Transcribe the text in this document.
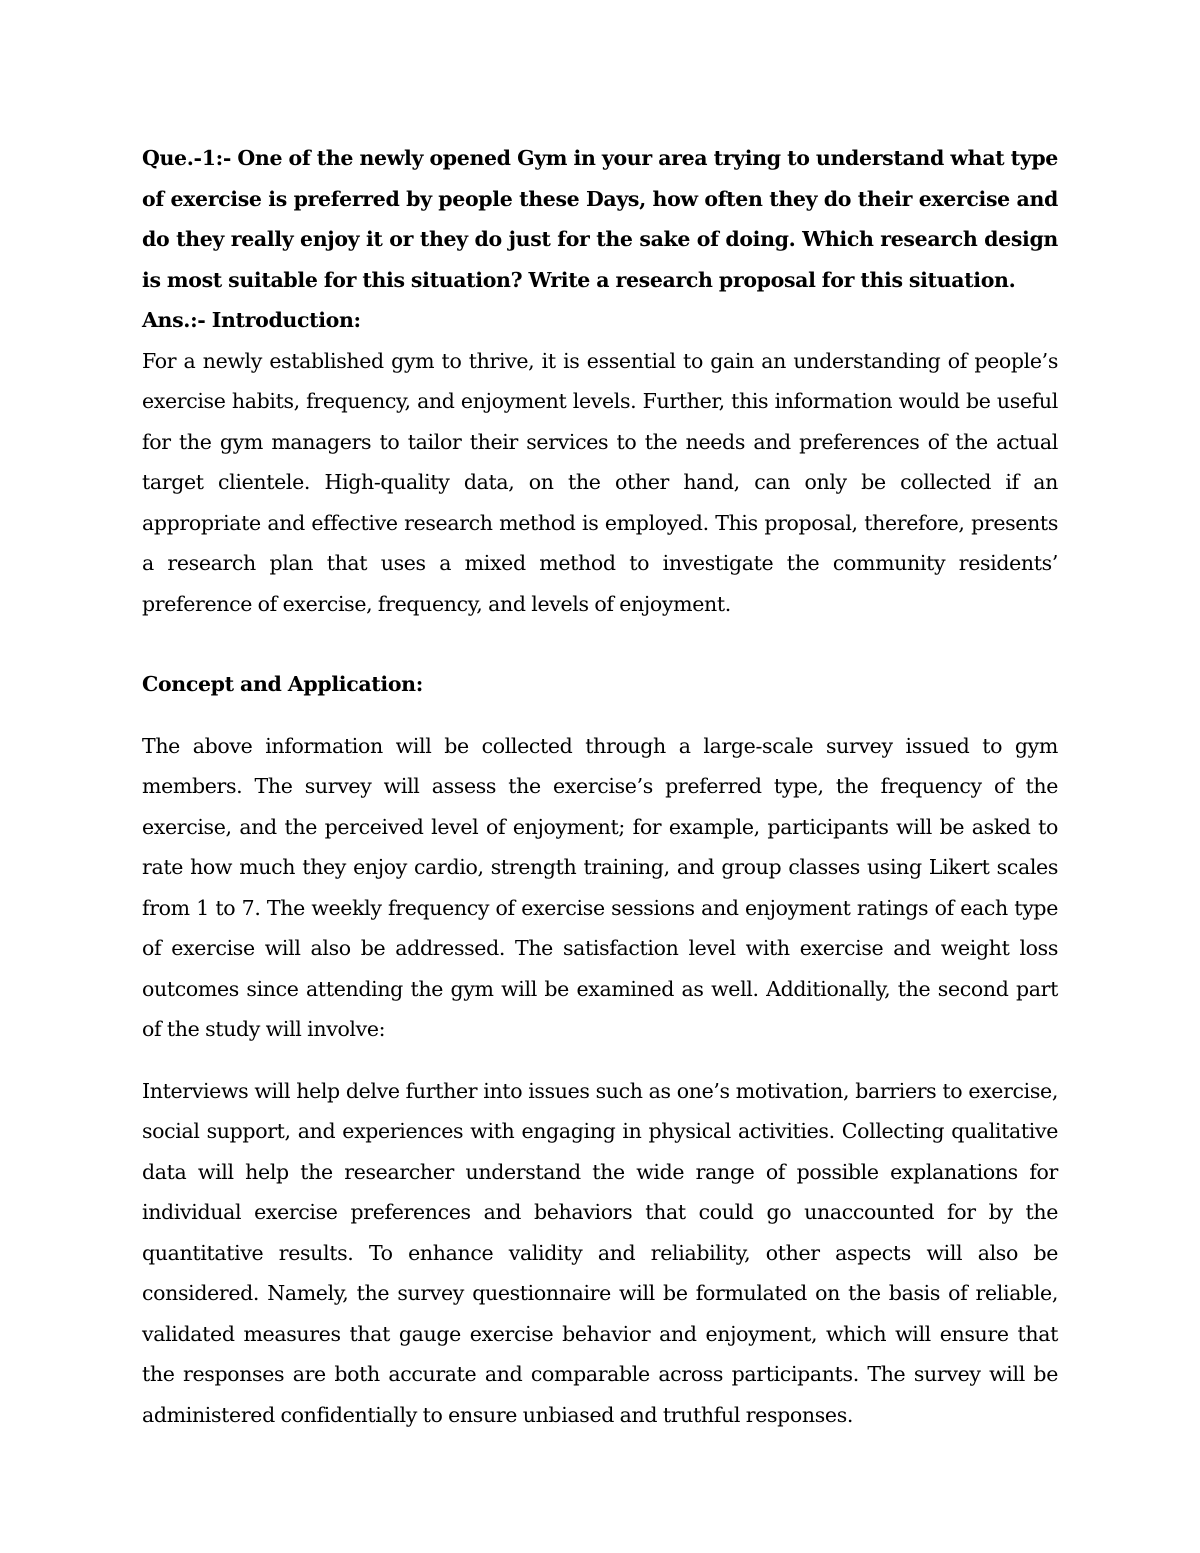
Que.-1:- One of the newly opened Gym in your area trying to understand what type of exercise is preferred by people these Days, how often they do their exercise and do they really enjoy it or they do just for the sake of doing. Which research design is most suitable for this situation? Write a research proposal for this situation.

Ans.:- Introduction:

For a newly established gym to thrive, it is essential to gain an understanding of people’s exercise habits, frequency, and enjoyment levels. Further, this information would be useful for the gym managers to tailor their services to the needs and preferences of the actual target clientele. High-quality data, on the other hand, can only be collected if an appropriate and effective research method is employed. This proposal, therefore, presents a research plan that uses a mixed method to investigate the community residents’ preference of exercise, frequency, and levels of enjoyment.

Concept and Application:

The above information will be collected through a large-scale survey issued to gym members. The survey will assess the exercise’s preferred type, the frequency of the exercise, and the perceived level of enjoyment; for example, participants will be asked to rate how much they enjoy cardio, strength training, and group classes using Likert scales from 1 to 7. The weekly frequency of exercise sessions and enjoyment ratings of each type of exercise will also be addressed. The satisfaction level with exercise and weight loss outcomes since attending the gym will be examined as well. Additionally, the second part of the study will involve:

Interviews will help delve further into issues such as one’s motivation, barriers to exercise, social support, and experiences with engaging in physical activities. Collecting qualitative data will help the researcher understand the wide range of possible explanations for individual exercise preferences and behaviors that could go unaccounted for by the quantitative results. To enhance validity and reliability, other aspects will also be considered. Namely, the survey questionnaire will be formulated on the basis of reliable, validated measures that gauge exercise behavior and enjoyment, which will ensure that the responses are both accurate and comparable across participants. The survey will be administered confidentially to ensure unbiased and truthful responses.
